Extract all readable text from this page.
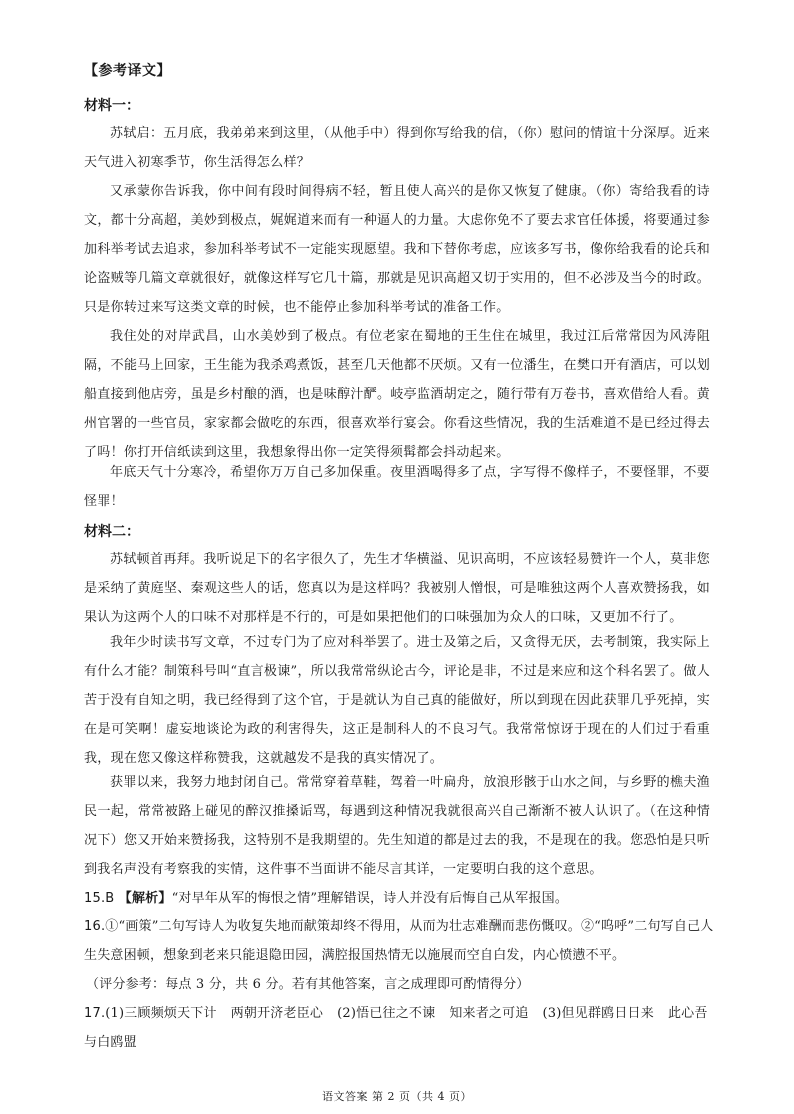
【参考译文】
材料一：

苏轼启：五月底，我弟弟来到这里，（从他手中）得到你写给我的信，（你）慰问的情谊十分深厚。近来天气进入初寒季节，你生活得怎么样？

又承蒙你告诉我，你中间有段时间得病不轻，暂且使人高兴的是你又恢复了健康。（你）寄给我看的诗文，都十分高超，美妙到极点，娓娓道来而有一种逼人的力量。大虑你免不了要去求官任体援，将要通过参加科举考试去追求，参加科举考试不一定能实现愿望。我和下替你考虑，应该多写书，像你给我看的论兵和论盗贼等几篇文章就很好，就像这样写它几十篇，那就是见识高超又切于实用的，但不必涉及当今的时政。只是你转过来写这类文章的时候，也不能停止参加科举考试的准备工作。

我住处的对岸武昌，山水美妙到了极点。有位老家在蜀地的王生住在城里，我过江后常常因为风涛阻隔，不能马上回家，王生能为我杀鸡煮饭，甚至几天他都不厌烦。又有一位潘生，在樊口开有酒店，可以划船直接到他店旁，虽是乡村酿的酒，也是味醇汁酽。岐亭监酒胡定之，随行带有万卷书，喜欢借给人看。黄州官署的一些官员，家家都会做吃的东西，很喜欢举行宴会。你看这些情况，我的生活难道不是已经过得去了吗！你打开信纸读到这里，我想象得出你一定笑得须髯都会抖动起来。

年底天气十分寒冷，希望你万万自己多加保重。夜里酒喝得多了点，字写得不像样子，不要怪罪，不要怪罪！

材料二：

苏轼顿首再拜。我听说足下的名字很久了，先生才华横溢、见识高明，不应该轻易赞许一个人，莫非您是采纳了黄庭坚、秦观这些人的话，您真以为是这样吗？我被别人憎恨，可是唯独这两个人喜欢赞扬我，如果认为这两个人的口味不对那样是不行的，可是如果把他们的口味强加为众人的口味，又更加不行了。

我年少时读书写文章，不过专门为了应对科举罢了。进士及第之后，又贪得无厌，去考制策，我实际上有什么才能？制策科号叫“直言极谏”，所以我常常纵论古今，评论是非，不过是来应和这个科名罢了。做人苦于没有自知之明，我已经得到了这个官，于是就认为自己真的能做好，所以到现在因此获罪几乎死掉，实在是可笑啊！虚妄地谈论为政的利害得失，这正是制科人的不良习气。我常常惊讶于现在的人们过于看重我，现在您又像这样称赞我，这就越发不是我的真实情况了。

获罪以来，我努力地封闭自己。常常穿着草鞋，驾着一叶扁舟，放浪形骸于山水之间，与乡野的樵夫渔民一起，常常被路上碰见的醉汉推搡诟骂，每遇到这种情况我就很高兴自己渐渐不被人认识了。（在这种情况下）您又开始来赞扬我，这特别不是我期望的。先生知道的都是过去的我，不是现在的我。您恐怕是只听到我名声没有考察我的实情，这件事不当面讲不能尽言其详，一定要明白我的这个意思。

15.B 【解析】“对早年从军的悔恨之情”理解错误，诗人并没有后悔自己从军报国。

16.①“画策”二句写诗人为收复失地而献策却终不得用，从而为壮志难酬而悲伤慨叹。②“呜呼”二句写自己人生失意困顿，想象到老来只能退隐田园，满腔报国热情无以施展而空自白发，内心愤懑不平。

（评分参考：每点 3 分，共 6 分。若有其他答案，言之成理即可酌情得分）

17.(1)三顾频烦天下计 两朝开济老臣心 (2)悟已往之不谏 知来者之可追 (3)但见群鸥日日来 此心吾与白鸥盟

语文答案 第 2 页（共 4 页）
